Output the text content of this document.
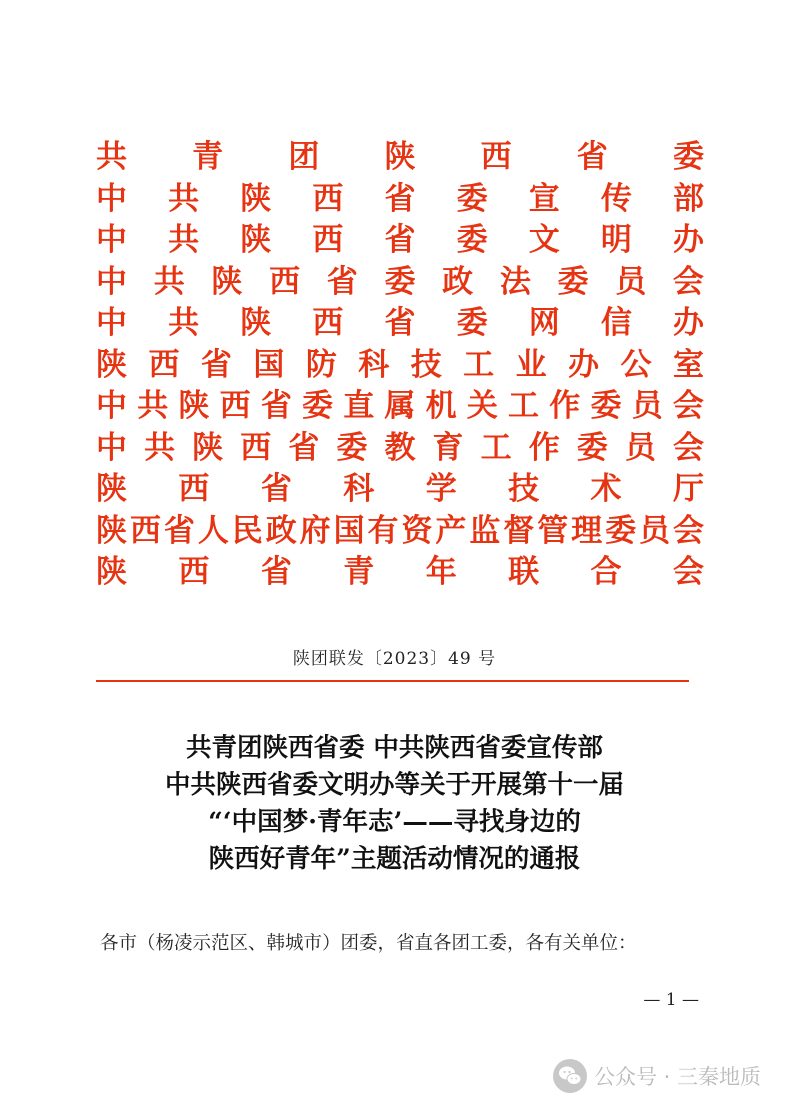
共 青 团 陕 西 省 委
中 共 陕 西 省 委 宣 传 部
中 共 陕 西 省 委 文 明 办
中 共 陕 西 省 委 政 法 委 员 会
中 共 陕 西 省 委 网 信 办
陕 西 省 国 防 科 技 工 业 办 公 室
中 共 陕 西 省 委 直 属 机 关 工 作 委 员 会
中 共 陕 西 省 委 教 育 工 作 委 员 会
陕 西 省 科 学 技 术 厅
陕 西 省 人 民 政 府 国 有 资 产 监 督 管 理 委 员 会
陕 西 省 青 年 联 合 会
陕团联发〔2023〕49 号
共青团陕西省委 中共陕西省委宣传部
中共陕西省委文明办等关于开展第十一届
“‘中国梦·青年志’——寻找身边的
陕西好青年”主题活动情况的通报
各市（杨凌示范区、韩城市）团委，省直各团工委，各有关单位：
— 1 —
公众号 · 三秦地质
